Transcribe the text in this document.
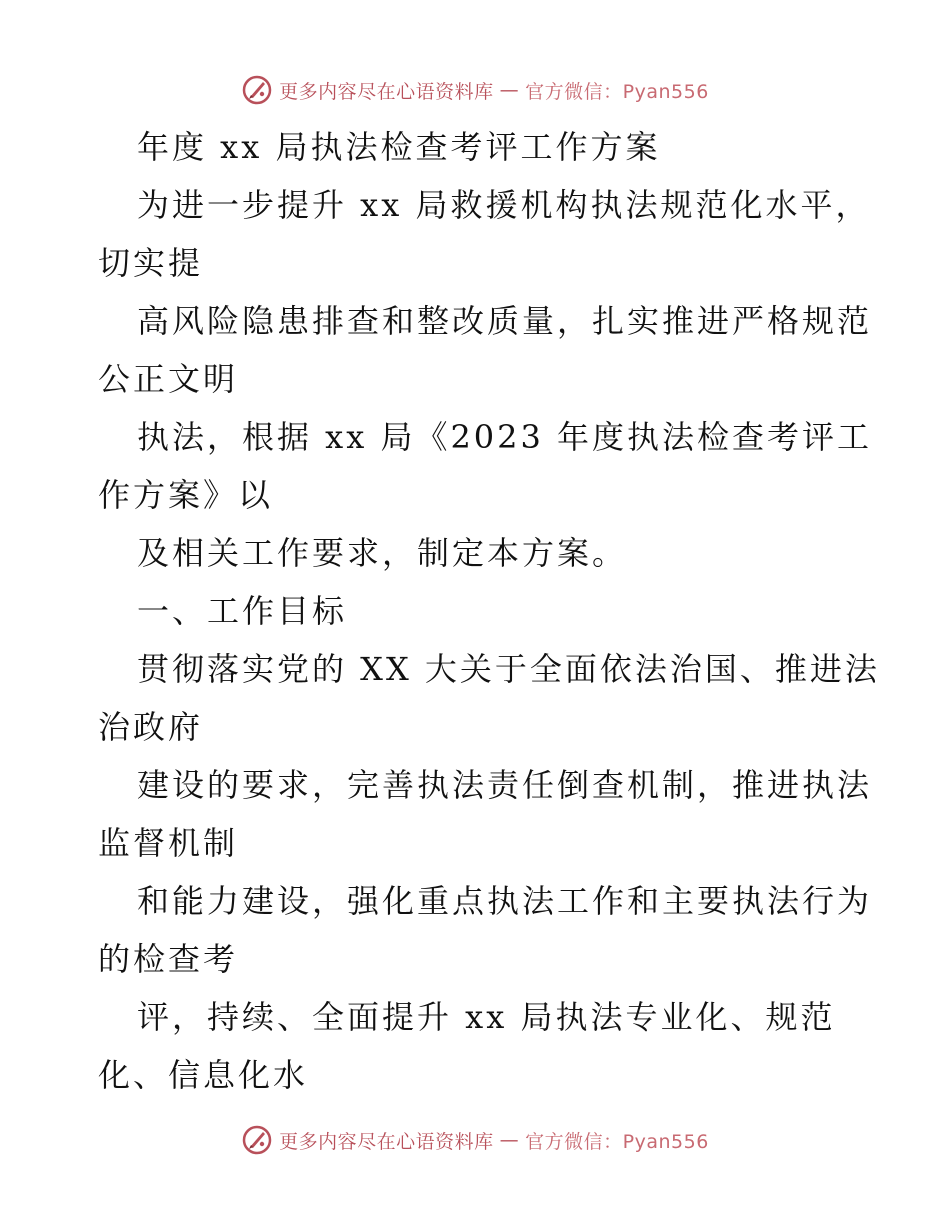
更多内容尽在心语资料库 — 官方微信：Pyan556
年度 xx 局执法检查考评工作方案
为进一步提升 xx 局救援机构执法规范化水平，
切实提
高风险隐患排查和整改质量，扎实推进严格规范
公正文明
执法，根据 xx 局《2023 年度执法检查考评工
作方案》以
及相关工作要求，制定本方案。
一、工作目标
贯彻落实党的 XX 大关于全面依法治国、推进法
治政府
建设的要求，完善执法责任倒查机制，推进执法
监督机制
和能力建设，强化重点执法工作和主要执法行为
的检查考
评，持续、全面提升 xx 局执法专业化、规范
化、信息化水
更多内容尽在心语资料库 — 官方微信：Pyan556
